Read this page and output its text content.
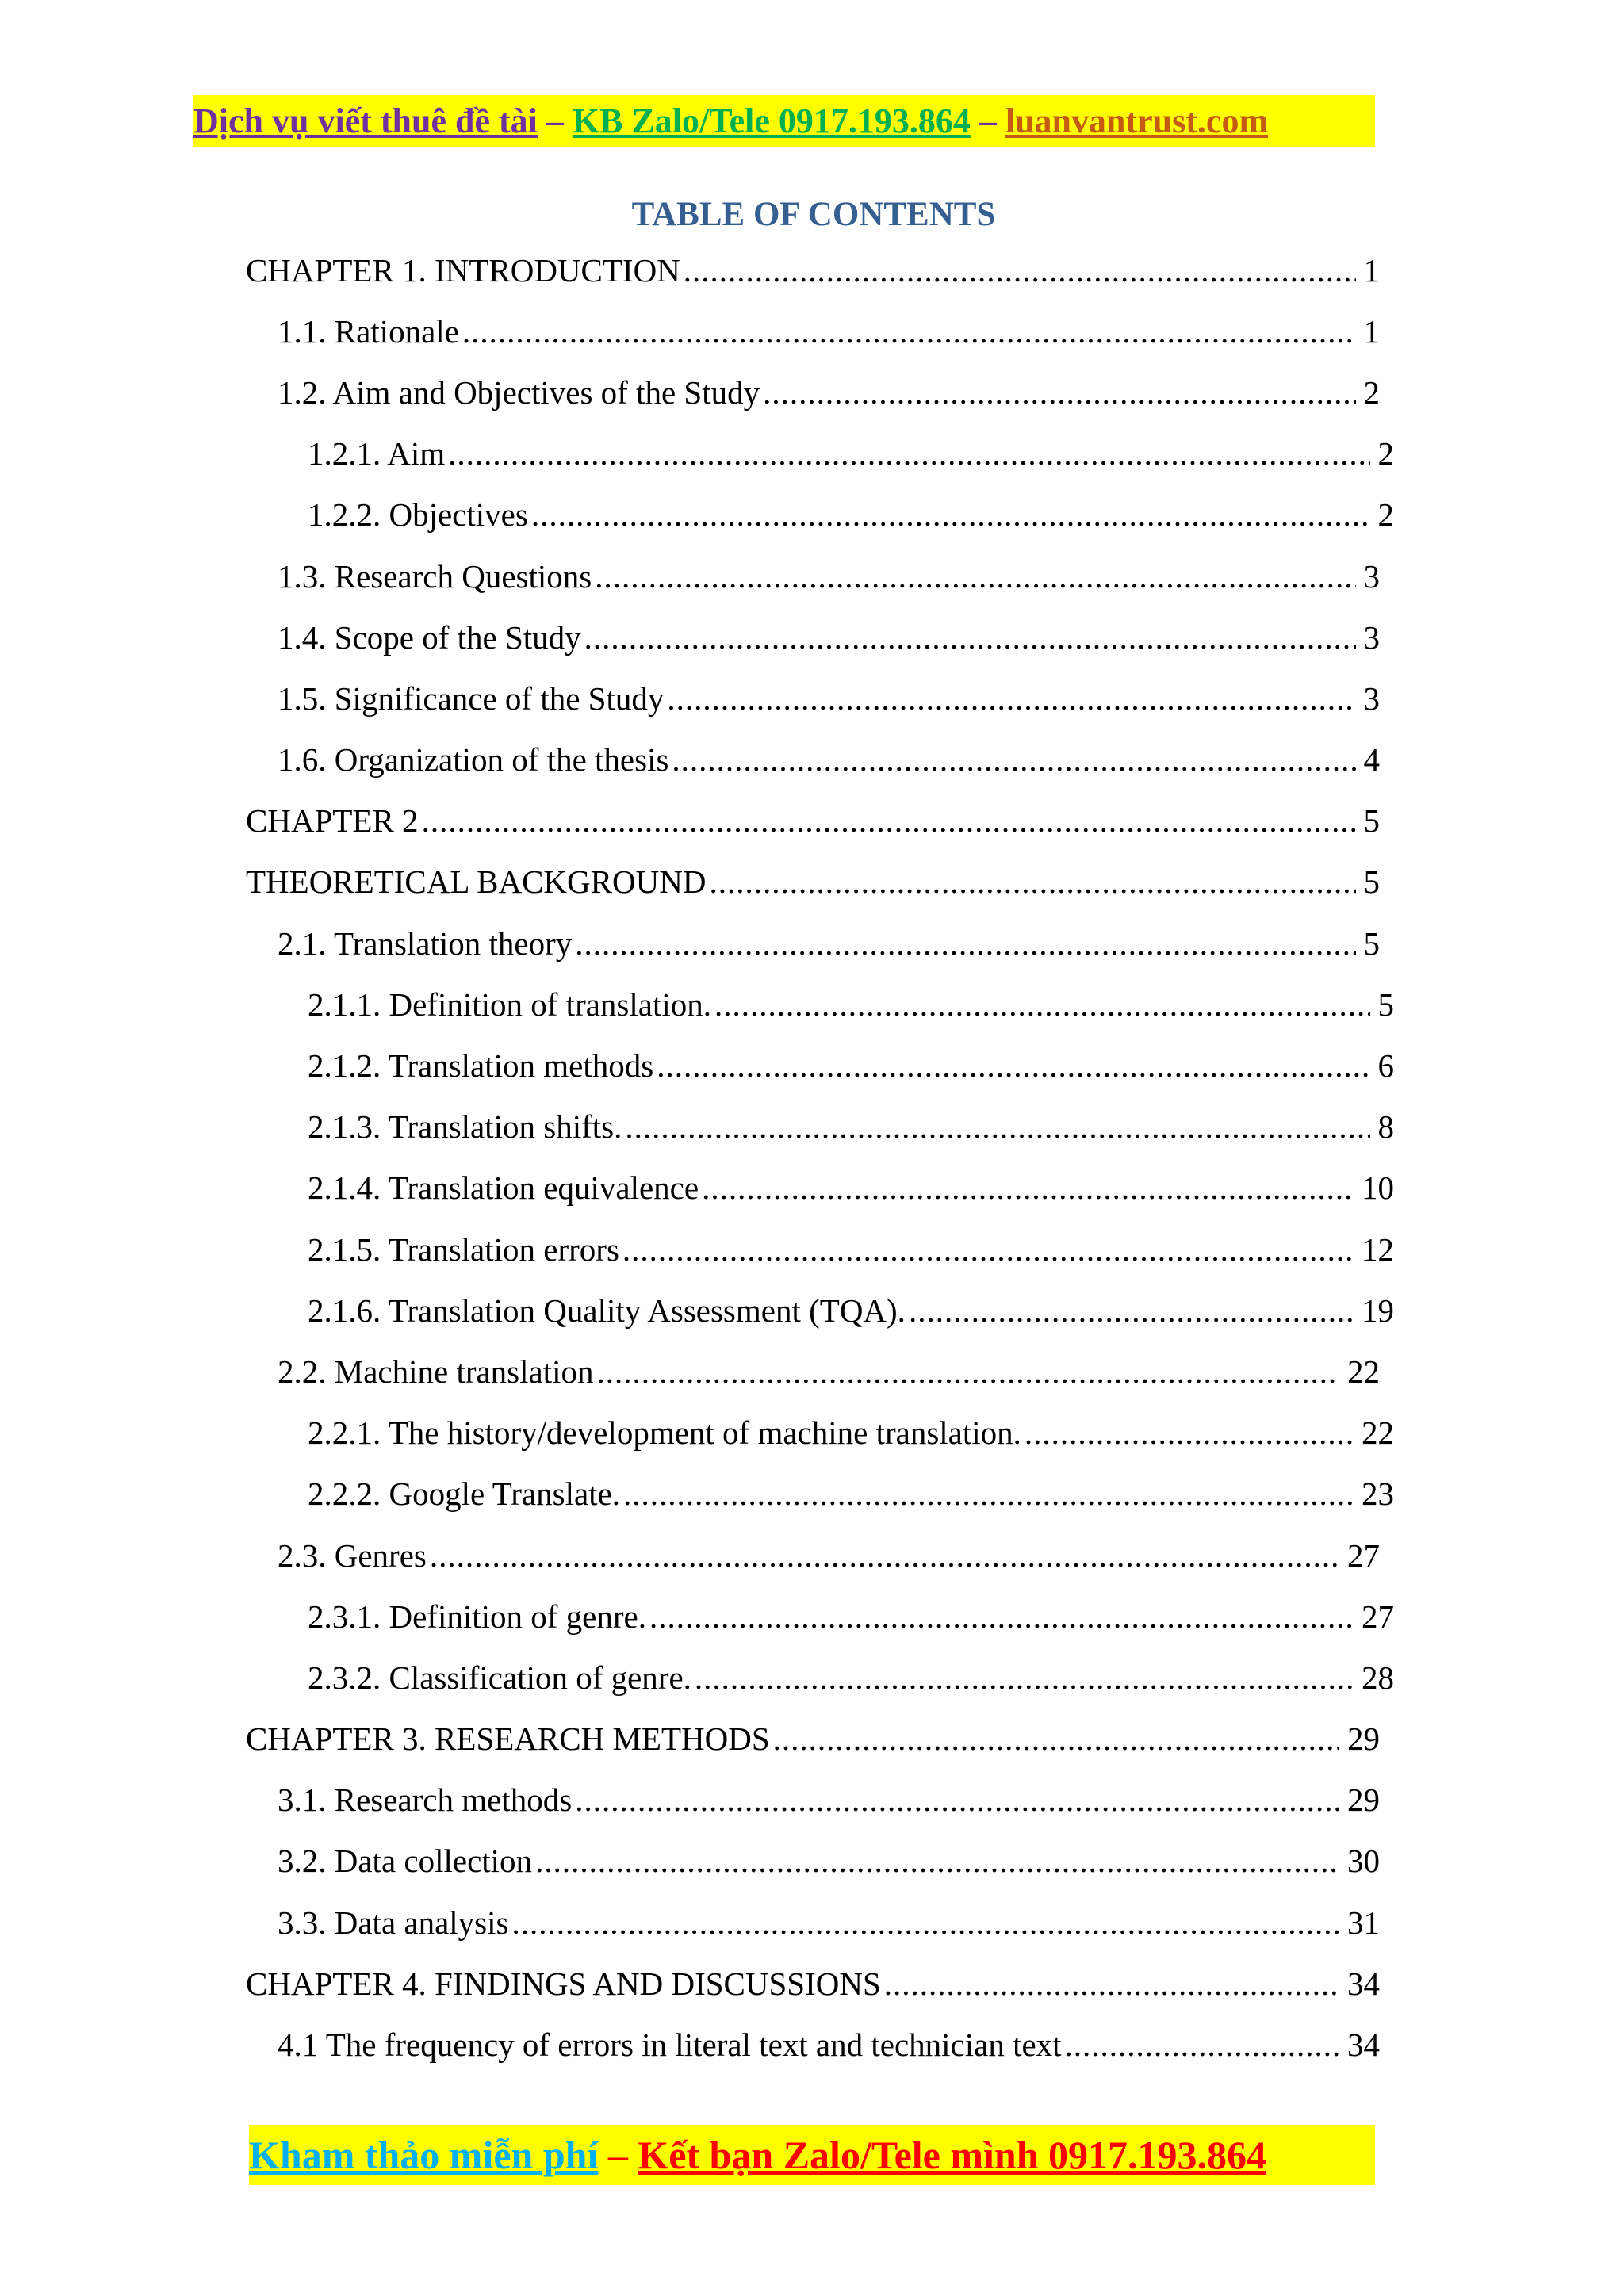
Dịch vụ viết thuê đề tài – KB Zalo/Tele 0917.193.864 – luanvantrust.com
TABLE OF CONTENTS
CHAPTER 1. INTRODUCTION .....	1
1.1. Rationale .....	1
1.2. Aim and Objectives of the Study .....	2
1.2.1. Aim .....	2
1.2.2. Objectives .....	2
1.3. Research Questions .....	3
1.4. Scope of the Study .....	3
1.5. Significance of the Study .....	3
1.6. Organization of the thesis .....	4
CHAPTER 2 .....	5
THEORETICAL BACKGROUND .....	5
2.1. Translation theory .....	5
2.1.1. Definition of translation. .....	5
2.1.2. Translation methods .....	6
2.1.3. Translation shifts. .....	8
2.1.4. Translation equivalence .....	10
2.1.5. Translation errors .....	12
2.1.6. Translation Quality Assessment (TQA). .....	19
2.2. Machine translation .....	22
2.2.1. The history/development of machine translation. .....	22
2.2.2. Google Translate. .....	23
2.3. Genres .....	27
2.3.1. Definition of genre. .....	27
2.3.2. Classification of genre. .....	28
CHAPTER 3. RESEARCH METHODS .....	29
3.1. Research methods .....	29
3.2. Data collection .....	30
3.3. Data analysis .....	31
CHAPTER 4. FINDINGS AND DISCUSSIONS .....	34
4.1 The frequency of errors in literal text and technician text .....	34
Kham thảo miễn phí – Kết bạn Zalo/Tele mình 0917.193.864
